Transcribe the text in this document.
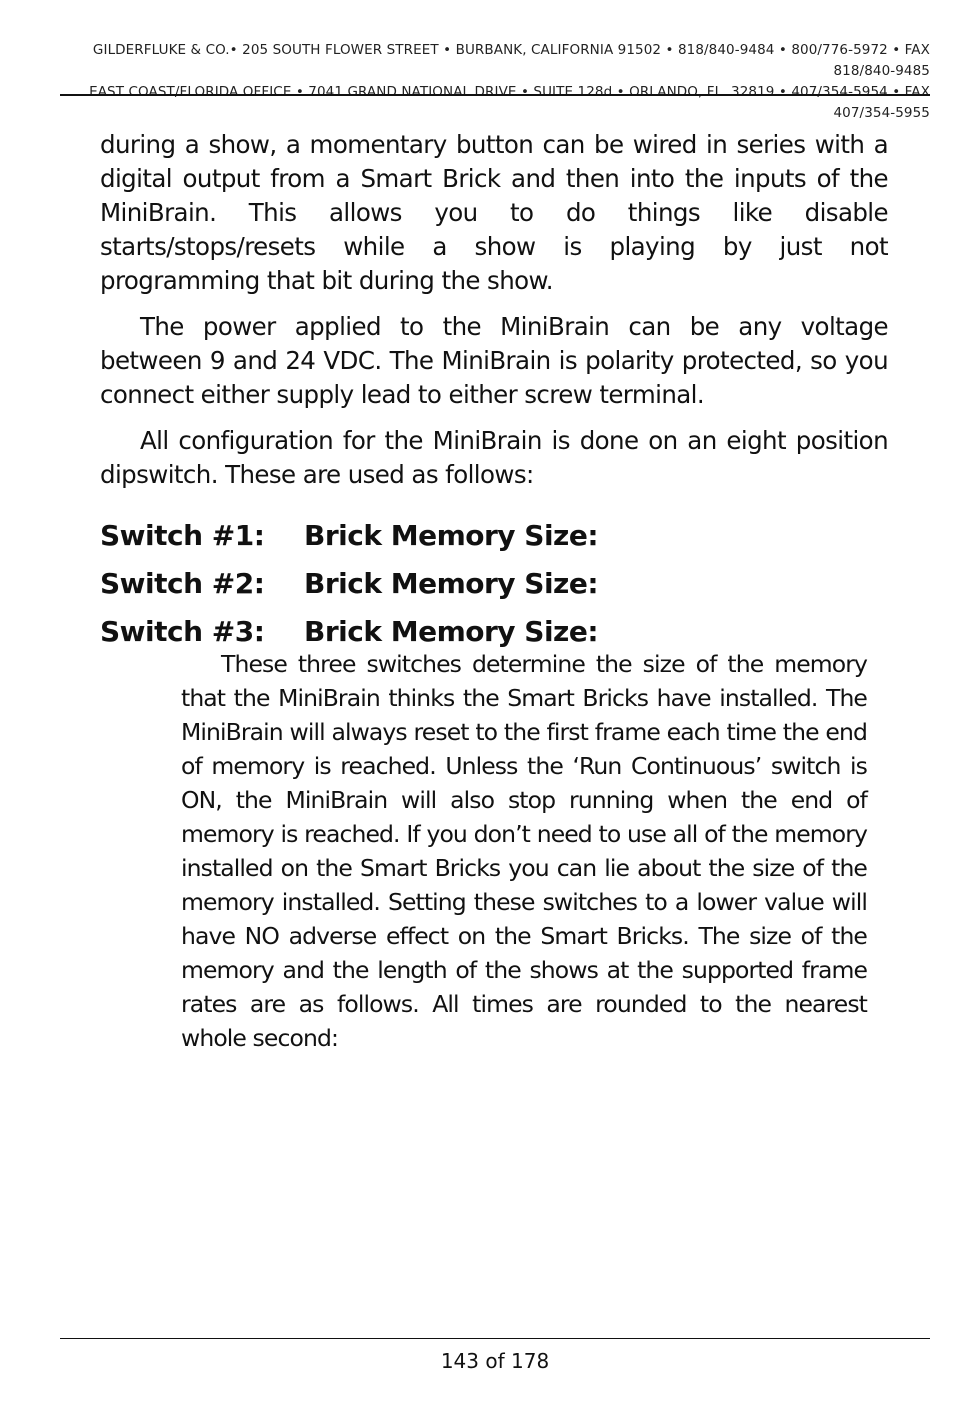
GILDERFLUKE & CO.• 205 SOUTH FLOWER STREET • BURBANK, CALIFORNIA 91502 • 818/840-9484 • 800/776-5972 • FAX 818/840-9485
EAST COAST/FLORIDA OFFICE • 7041 GRAND NATIONAL DRIVE • SUITE 128d • ORLANDO, FL. 32819 • 407/354-5954 • FAX 407/354-5955

during a show, a momentary button can be wired in series with a digital output from a Smart Brick and then into the inputs of the MiniBrain. This allows you to do things like disable starts/stops/resets while a show is playing by just not programming that bit during the show.

The power applied to the MiniBrain can be any voltage between 9 and 24 VDC. The MiniBrain is polarity protected, so you connect either supply lead to either screw terminal.

All configuration for the MiniBrain is done on an eight position dipswitch. These are used as follows:

Switch #1: Brick Memory Size:
Switch #2: Brick Memory Size:
Switch #3: Brick Memory Size:
These three switches determine the size of the memory that the MiniBrain thinks the Smart Bricks have installed. The MiniBrain will always reset to the first frame each time the end of memory is reached. Unless the ‘Run Continuous’ switch is ON, the MiniBrain will also stop running when the end of memory is reached. If you don’t need to use all of the memory installed on the Smart Bricks you can lie about the size of the memory installed. Setting these switches to a lower value will have NO adverse effect on the Smart Bricks. The size of the memory and the length of the shows at the supported frame rates are as follows. All times are rounded to the nearest whole second:
143 of 178
